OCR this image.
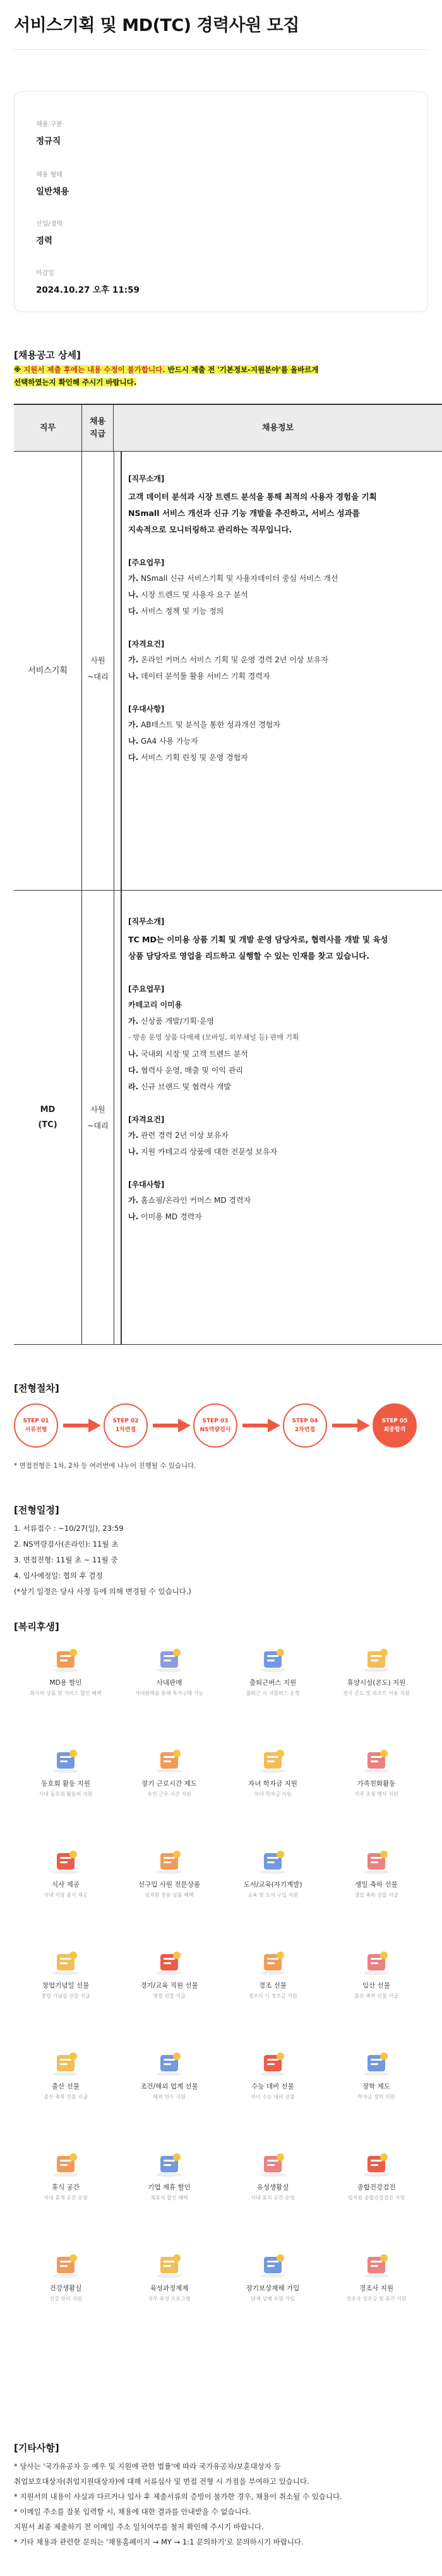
서비스기획 및 MD(TC) 경력사원 모집
채용 구분
정규직
채용 형태
일반채용
신입/경력
경력
마감일
2024.10.27 오후 11:59
[채용공고 상세]
※ 지원서 제출 후에는 내용 수정이 불가합니다. 반드시 제출 전 '기본정보-지원분야'를 올바르게
선택하였는지 확인해 주시기 바랍니다.
직무
채용
직급
채용정보
서비스기획
사원
~대리
[직무소개]
고객 데이터 분석과 시장 트렌드 분석을 통해 최적의 사용자 경험을 기획
NSmall 서비스 개선과 신규 기능 개발을 추진하고, 서비스 성과를
지속적으로 모니터링하고 관리하는 직무입니다.
[주요업무]
가. NSmall 신규 서비스기획 및 사용자데이터 중심 서비스 개선
나. 시장 트렌드 및 사용자 요구 분석
다. 서비스 정책 및 기능 정의
[자격요건]
가. 온라인 커머스 서비스 기획 및 운영 경력 2년 이상 보유자
나. 데이터 분석툴 활용 서비스 기획 경력자
[우대사항]
가. AB테스트 및 분석을 통한 성과개선 경험자
나. GA4 사용 가능자
다. 서비스 기획 린칭 및 운영 경험자
MD
(TC)
사원
~대리
[직무소개]
TC MD는 이미용 상품 기획 및 개발 운영 담당자로, 협력사를 개발 및 육성
상품 담당자로 영업을 리드하고 실행할 수 있는 인재를 찾고 있습니다.
[주요업무]
카테고리 이미용
가. 신상품 개발/기획·운영
- 방송 운영 상품 다매체 (모바일, 외부채널 등) 판매 기획
나. 국내외 시장 및 고객 트렌드 분석
다. 협력사 운영, 매출 및 이익 관리
라. 신규 브랜드 및 협력사 개발
[자격요건]
가. 관련 경력 2년 이상 보유자
나. 지원 카테고리 상품에 대한 전문성 보유자
[우대사항]
가. 홈쇼핑/온라인 커머스 MD 경력자
나. 이미용 MD 경력자
[전형절차]
STEP 01
서류전형
STEP 02
1차면접
STEP 03
NS역량검사
STEP 04
2차면접
STEP 05
최종합격
* 면접전형은 1차, 2차 등 여러번에 나누어 진행될 수 있습니다.
[전형일정]
1. 서류접수 : ~10/27(일), 23:59
2. NS역량검사(온라인): 11월 초
3. 면접전형: 11월 초 ~ 11월 중
4. 입사예정일: 협의 후 결정
(*상기 일정은 당사 사정 등에 의해 변경될 수 있습니다.)
[복리후생]
MD용 할인
회사의 상품 및 서비스 할인 혜택
사내판매
사내판매를 통해 특가구매 가능
출퇴근버스 지원
출퇴근 시 셔틀버스 운행
휴양시설(콘도) 지원
전국 콘도 및 리조트 이용 지원
동호회 활동 지원
사내 동호회 활동비 지원
장기 근로시간 제도
유연 근무 시간 지원
자녀 학자금 지원
자녀 학자금 지원
가족친화활동
가족 초청 행사 지원
식사 제공
사내 식당 중식 제공
선구입 사원 전문상품
임직원 전용 상품 혜택
도서/교육(자기계발)
교육 및 도서 구입 지원
생일 축하 선물
생일 축하 선물 지급
창업기념일 선물
창립 기념일 선물 지급
경기/교육 직원 선물
명절 선물 지급
경조 선물
경조사 시 경조금 지원
임산 선물
출산 축하 선물 지급
출산 선물
출산 축하 선물 지급
조건/해외 업계 선물
해외 연수 지원
수능 대비 선물
자녀 수능 대비 선물
장학 제도
학자금 장학 지원
휴식 공간
사내 휴게 공간 운영
기업 제휴 할인
제휴처 할인 혜택
유성생활실
사내 휴식 공간 운영
종합건강검진
임직원 종합건강검진 지원
건강생활실
건강 관리 지원
육성과정제제
직무 육성 프로그램
장기보상재해 가입
단체 상해 보험 가입
경조사 지원
경조사 경조금 및 휴가 지원
[기타사항]
* 당사는 '국가유공자 등 예우 및 지원에 관한 법률'에 따라 국가유공자/보훈대상자 등
취업보호대상자(취업지원대상자)에 대해 서류심사 및 면접 전형 시 가점을 부여하고 있습니다.
* 지원서의 내용이 사실과 다르거나 입사 후 제출서류의 증빙이 불가한 경우, 채용이 취소될 수 있습니다.
* 이메일 주소를 잘못 입력할 시, 채용에 대한 결과를 안내받을 수 없습니다.
지원서 최종 제출하기 전 이메일 주소 일치여부를 철저 확인해 주시기 바랍니다.
* 기타 채용과 관련한 문의는 '채용홈페이지 → MY → 1:1 문의하기'로 문의하시기 바랍니다.
